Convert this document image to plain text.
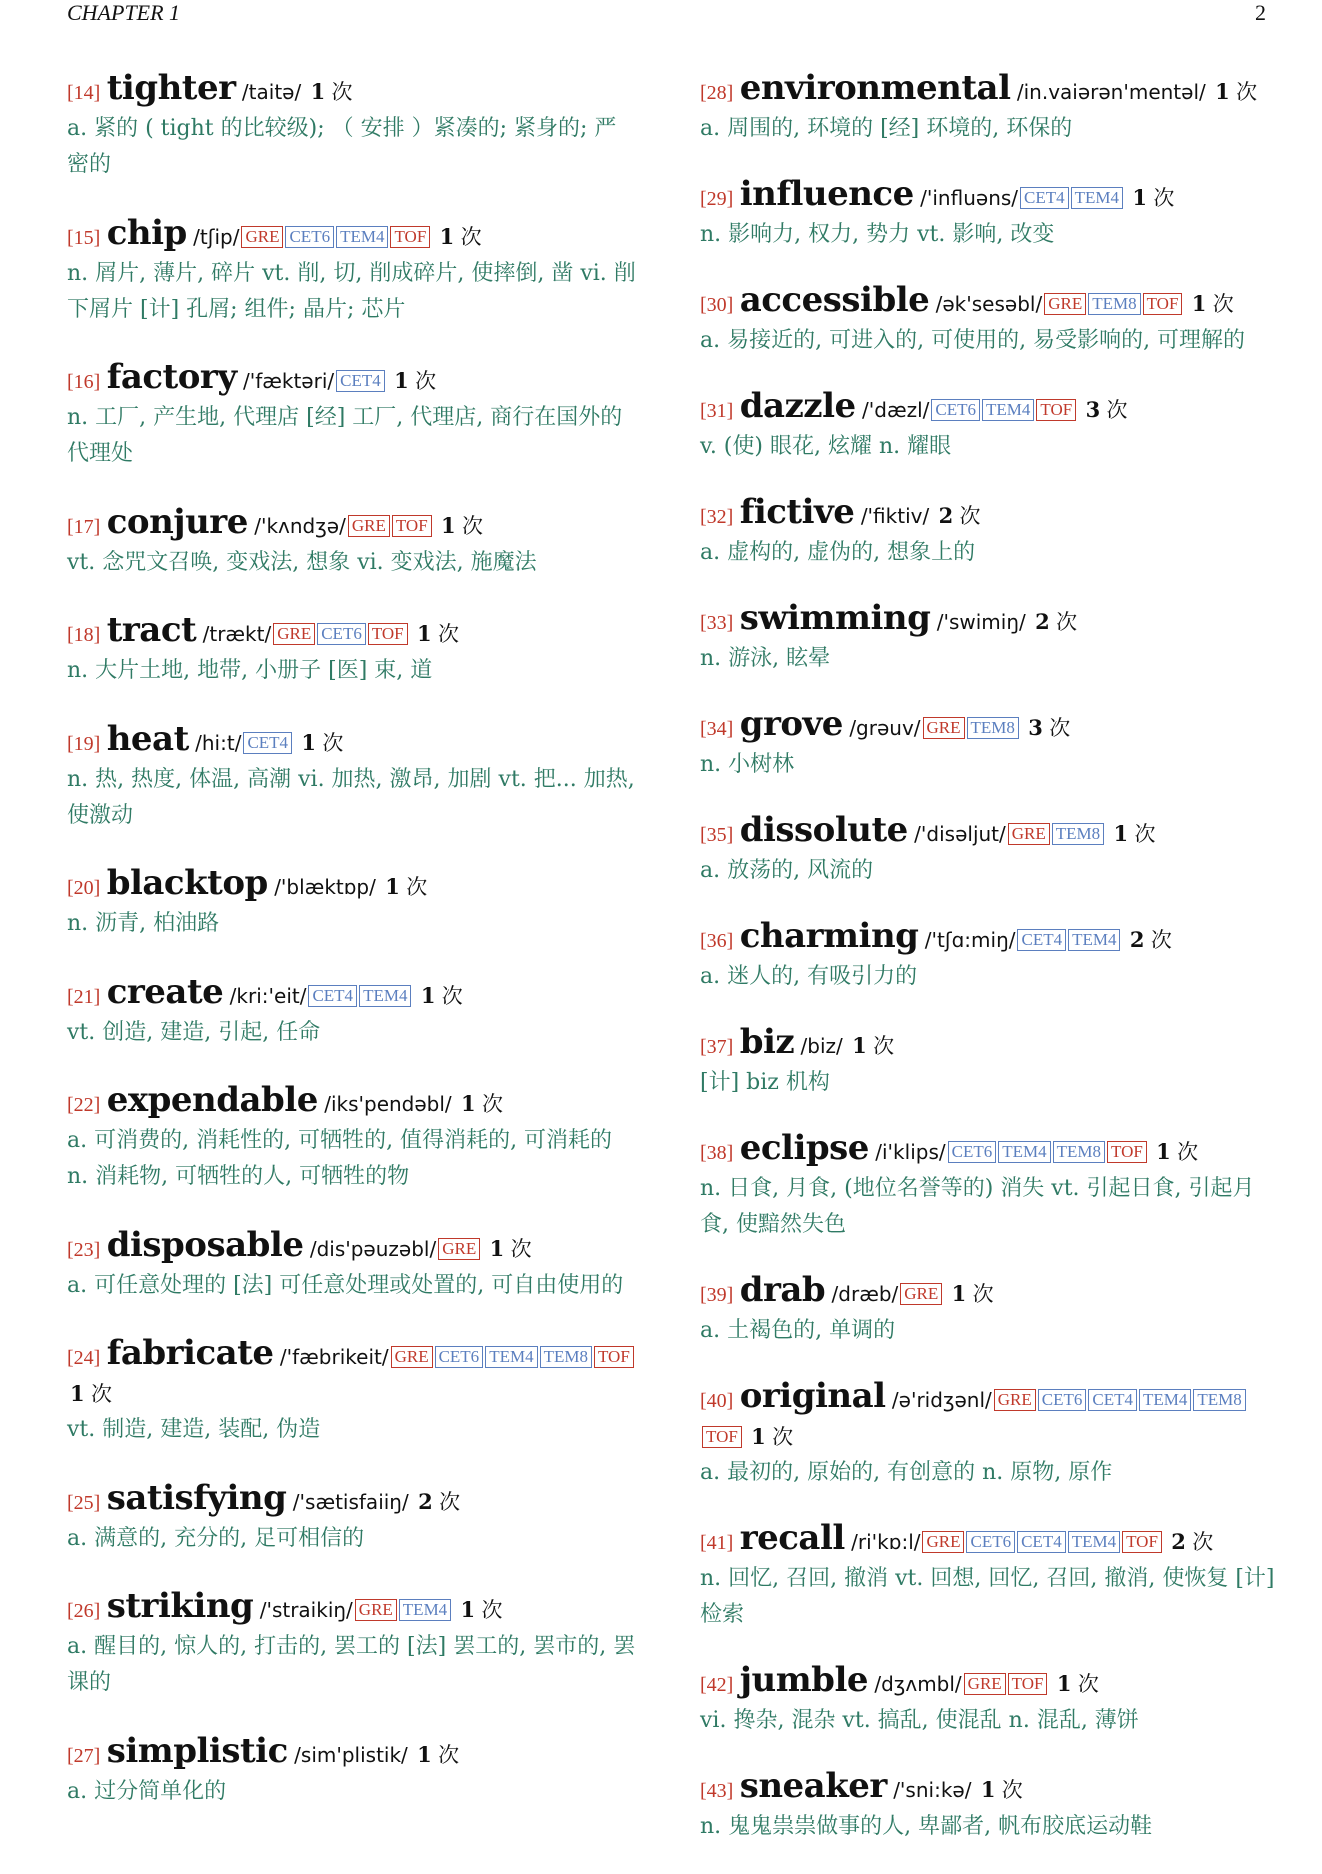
CHAPTER 1	2
[14] tighter /taitə/ 1 次
a. 紧的 ( tight 的比较级); （ 安排 ）紧凑的; 紧身的; 严密的
[15] chip /tʃip/ GRE CET6 TEM4 TOF 1 次
n. 屑片, 薄片, 碎片 vt. 削, 切, 削成碎片, 使摔倒, 凿 vi. 削下屑片 [计] 孔屑; 组件; 晶片; 芯片
[16] factory /'fæktəri/ CET4 1 次
n. 工厂, 产生地, 代理店 [经] 工厂, 代理店, 商行在国外的代理处
[17] conjure /'kʌndʒə/ GRE TOF 1 次
vt. 念咒文召唤, 变戏法, 想象 vi. 变戏法, 施魔法
[18] tract /trækt/ GRE CET6 TOF 1 次
n. 大片土地, 地带, 小册子 [医] 束, 道
[19] heat /hi:t/ CET4 1 次
n. 热, 热度, 体温, 高潮 vi. 加热, 激昂, 加剧 vt. 把... 加热, 使激动
[20] blacktop /'blæktɒp/ 1 次
n. 沥青, 柏油路
[21] create /kri:'eit/ CET4 TEM4 1 次
vt. 创造, 建造, 引起, 任命
[22] expendable /iks'pendəbl/ 1 次
a. 可消费的, 消耗性的, 可牺牲的, 值得消耗的, 可消耗的 n. 消耗物, 可牺牲的人, 可牺牲的物
[23] disposable /dis'pəuzəbl/ GRE 1 次
a. 可任意处理的 [法] 可任意处理或处置的, 可自由使用的
[24] fabricate /'fæbrikeit/ GRE CET6 TEM4 TEM8 TOF 1 次
vt. 制造, 建造, 装配, 伪造
[25] satisfying /'sætisfaiiŋ/ 2 次
a. 满意的, 充分的, 足可相信的
[26] striking /'straikiŋ/ GRE TEM4 1 次
a. 醒目的, 惊人的, 打击的, 罢工的 [法] 罢工的, 罢市的, 罢课的
[27] simplistic /sim'plistik/ 1 次
a. 过分简单化的
[28] environmental /in.vaiərən'mentəl/ 1 次
a. 周围的, 环境的 [经] 环境的, 环保的
[29] influence /'influəns/ CET4 TEM4 1 次
n. 影响力, 权力, 势力 vt. 影响, 改变
[30] accessible /ək'sesəbl/ GRE TEM8 TOF 1 次
a. 易接近的, 可进入的, 可使用的, 易受影响的, 可理解的
[31] dazzle /'dæzl/ CET6 TEM4 TOF 3 次
v. (使) 眼花, 炫耀 n. 耀眼
[32] fictive /'fiktiv/ 2 次
a. 虚构的, 虚伪的, 想象上的
[33] swimming /'swimiŋ/ 2 次
n. 游泳, 眩晕
[34] grove /grəuv/ GRE TEM8 3 次
n. 小树林
[35] dissolute /'disəljut/ GRE TEM8 1 次
a. 放荡的, 风流的
[36] charming /'tʃɑ:miŋ/ CET4 TEM4 2 次
a. 迷人的, 有吸引力的
[37] biz /biz/ 1 次
[计] biz 机构
[38] eclipse /i'klips/ CET6 TEM4 TEM8 TOF 1 次
n. 日食, 月食, (地位名誉等的) 消失 vt. 引起日食, 引起月食, 使黯然失色
[39] drab /dræb/ GRE 1 次
a. 土褐色的, 单调的
[40] original /ə'ridʒənl/ GRE CET6 CET4 TEM4 TEM8TOF 1 次
a. 最初的, 原始的, 有创意的 n. 原物, 原作
[41] recall /ri'kɒ:l/ GRE CET6 CET4 TEM4 TOF 2 次
n. 回忆, 召回, 撤消 vt. 回想, 回忆, 召回, 撤消, 使恢复 [计] 检索
[42] jumble /dʒʌmbl/ GRE TOF 1 次
vi. 搀杂, 混杂 vt. 搞乱, 使混乱 n. 混乱, 薄饼
[43] sneaker /'sni:kə/ 1 次
n. 鬼鬼祟祟做事的人, 卑鄙者, 帆布胶底运动鞋
